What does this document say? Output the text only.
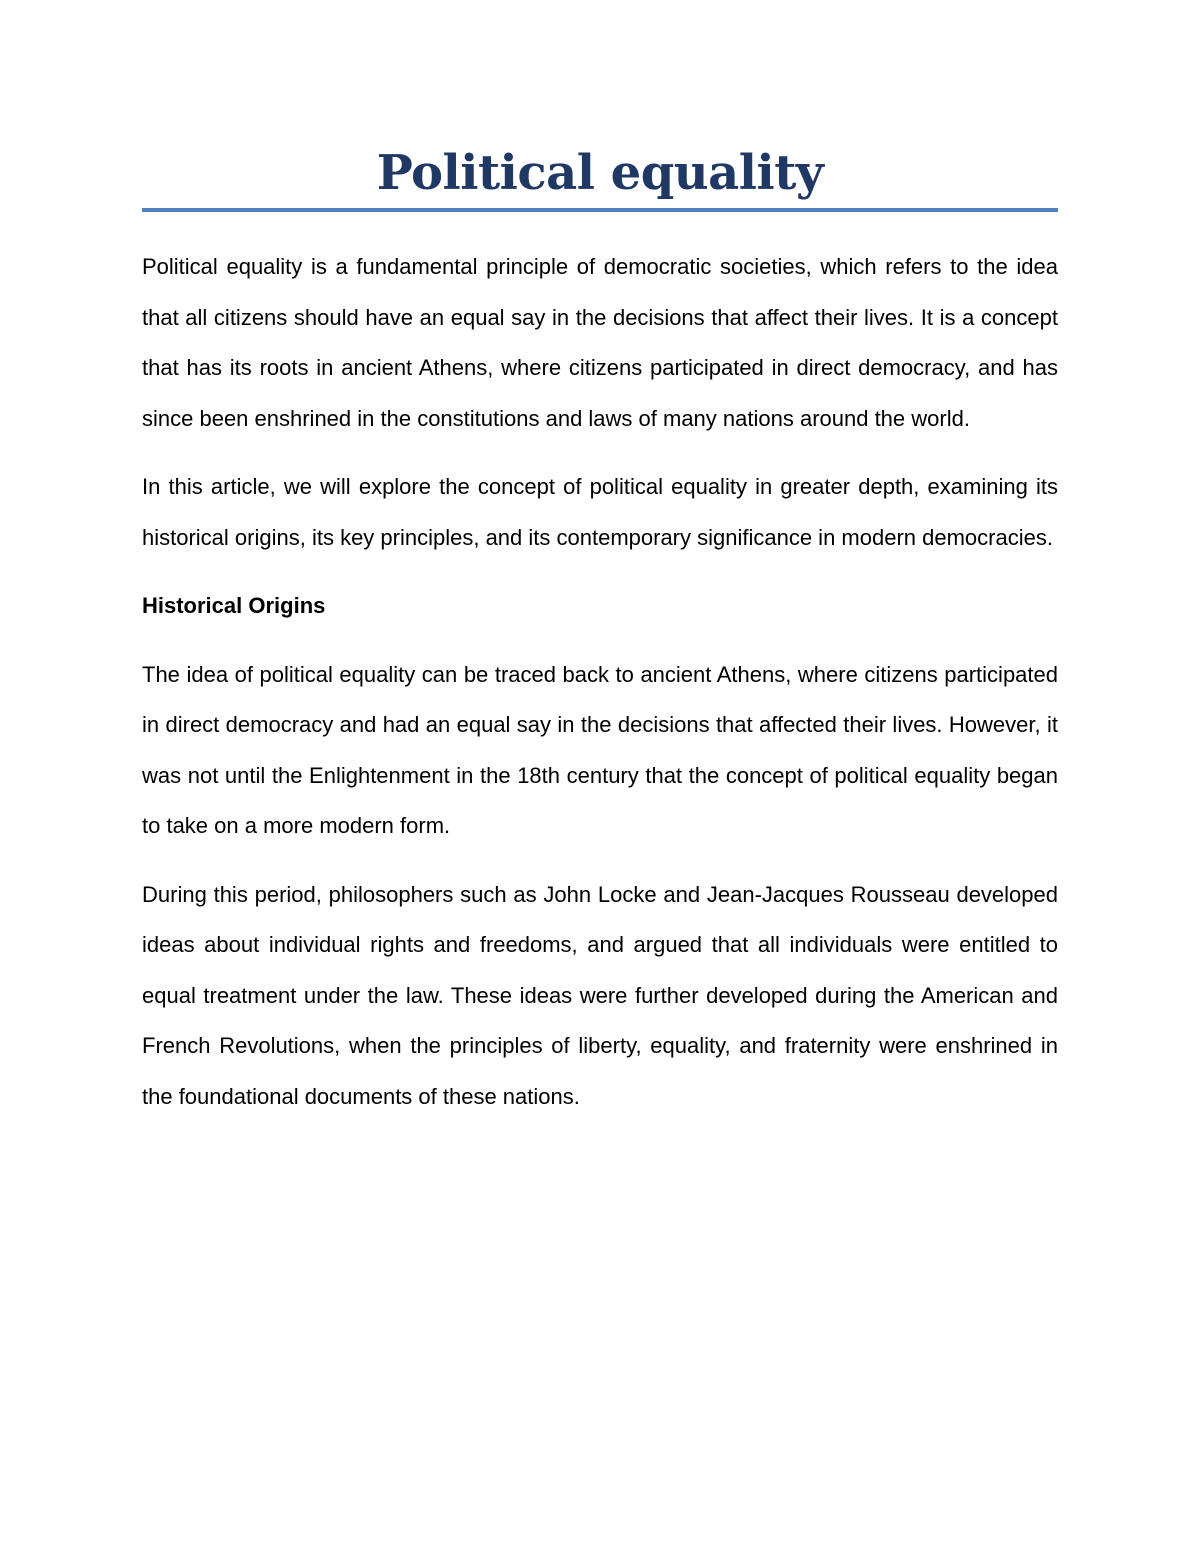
Political equality

Political equality is a fundamental principle of democratic societies, which refers to the idea that all citizens should have an equal say in the decisions that affect their lives. It is a concept that has its roots in ancient Athens, where citizens participated in direct democracy, and has since been enshrined in the constitutions and laws of many nations around the world.

In this article, we will explore the concept of political equality in greater depth, examining its historical origins, its key principles, and its contemporary significance in modern democracies.

Historical Origins

The idea of political equality can be traced back to ancient Athens, where citizens participated in direct democracy and had an equal say in the decisions that affected their lives. However, it was not until the Enlightenment in the 18th century that the concept of political equality began to take on a more modern form.

During this period, philosophers such as John Locke and Jean-Jacques Rousseau developed ideas about individual rights and freedoms, and argued that all individuals were entitled to equal treatment under the law. These ideas were further developed during the American and French Revolutions, when the principles of liberty, equality, and fraternity were enshrined in the foundational documents of these nations.
